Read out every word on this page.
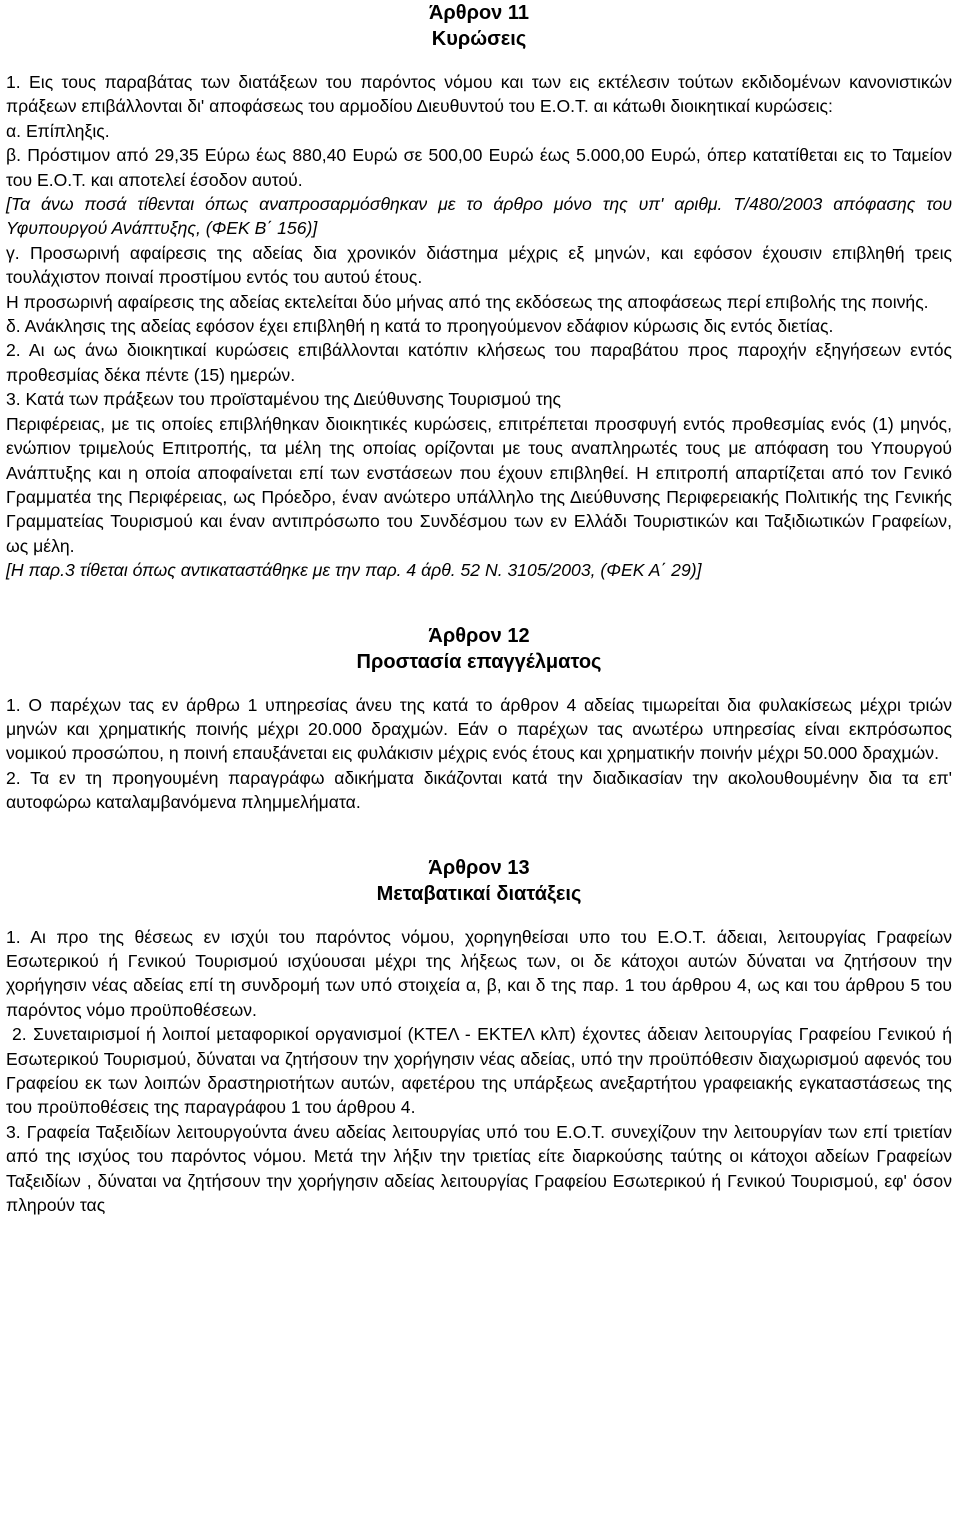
Άρθρον 11
Κυρώσεις

1. Εις τους παραβάτας των διατάξεων του παρόντος νόμου και των εις εκτέλεσιν τούτων εκδιδομένων κανονιστικών πράξεων επιβάλλονται δι' αποφάσεως του αρμοδίου Διευθυντού του Ε.Ο.Τ. αι κάτωθι διοικητικαί κυρώσεις:

α. Επίπληξις.

β. Πρόστιμον από 29,35 Εύρω έως 880,40 Ευρώ σε 500,00 Ευρώ έως 5.000,00 Ευρώ, όπερ κατατίθεται εις το Ταμείον του Ε.Ο.Τ. και αποτελεί έσοδον αυτού.

[Τα άνω ποσά τίθενται όπως αναπροσαρμόσθηκαν με το άρθρο μόνο της υπ' αριθμ. Τ/480/2003 απόφασης του Υφυπουργού Ανάπτυξης, (ΦΕΚ Β΄ 156)]

γ. Προσωρινή αφαίρεσις της αδείας δια χρονικόν διάστημα μέχρις εξ μηνών, και εφόσον έχουσιν επιβληθή τρεις τουλάχιστον ποιναί προστίμου εντός του αυτού έτους.

Η προσωρινή αφαίρεσις της αδείας εκτελείται δύο μήνας από της εκδόσεως της αποφάσεως περί επιβολής της ποινής.

δ. Ανάκλησις της αδείας εφόσον έχει επιβληθή η κατά το προηγούμενον εδάφιον κύρωσις δις εντός διετίας.

2. Αι ως άνω διοικητικαί κυρώσεις επιβάλλονται κατόπιν κλήσεως του παραβάτου προς παροχήν εξηγήσεων εντός προθεσμίας δέκα πέντε (15) ημερών.

3. Κατά των πράξεων του προϊσταμένου της Διεύθυνσης Τουρισμού της

Περιφέρειας, με τις οποίες επιβλήθηκαν διοικητικές κυρώσεις, επιτρέπεται προσφυγή εντός προθεσμίας ενός (1) μηνός, ενώπιον τριμελούς Επιτροπής, τα μέλη της οποίας ορίζονται με τους αναπληρωτές τους με απόφαση του Υπουργού Ανάπτυξης και η οποία αποφαίνεται επί των ενστάσεων που έχουν επιβληθεί. Η επιτροπή απαρτίζεται από τον Γενικό Γραμματέα της Περιφέρειας, ως Πρόεδρο, έναν ανώτερο υπάλληλο της Διεύθυνσης Περιφερειακής Πολιτικής της Γενικής Γραμματείας Τουρισμού και έναν αντιπρόσωπο του Συνδέσμου των εν Ελλάδι Τουριστικών και Ταξιδιωτικών Γραφείων, ως μέλη.

[Η παρ.3 τίθεται όπως αντικαταστάθηκε με την παρ. 4 άρθ. 52 Ν. 3105/2003, (ΦΕΚ Α΄ 29)]

Άρθρον 12
Προστασία επαγγέλματος

1. Ο παρέχων τας εν άρθρω 1 υπηρεσίας άνευ της κατά το άρθρον 4 αδείας τιμωρείται δια φυλακίσεως μέχρι τριών μηνών και χρηματικής ποινής μέχρι 20.000 δραχμών. Εάν ο παρέχων τας ανωτέρω υπηρεσίας είναι εκπρόσωπος νομικού προσώπου, η ποινή επαυξάνεται εις φυλάκισιν μέχρις ενός έτους και χρηματικήν ποινήν μέχρι 50.000 δραχμών.

2. Τα εν τη προηγουμένη παραγράφω αδικήματα δικάζονται κατά την διαδικασίαν την ακολουθουμένην δια τα επ' αυτοφώρω καταλαμβανόμενα πλημμελήματα.

Άρθρον 13
Μεταβατικαί διατάξεις

1. Αι προ της θέσεως εν ισχύι του παρόντος νόμου, χορηγηθείσαι υπο του Ε.Ο.Τ. άδειαι, λειτουργίας Γραφείων Εσωτερικού ή Γενικού Τουρισμού ισχύουσαι μέχρι της λήξεως των, οι δε κάτοχοι αυτών δύναται να ζητήσουν την χορήγησιν νέας αδείας επί τη συνδρομή των υπό στοιχεία α, β, και δ της παρ. 1 του άρθρου 4, ως και του άρθρου 5 του παρόντος νόμο προϋποθέσεων.

2. Συνεταιρισμοί ή λοιποί μεταφορικοί οργανισμοί (ΚΤΕΛ - ΕΚΤΕΛ κλπ) έχοντες άδειαν λειτουργίας Γραφείου Γενικού ή Εσωτερικού Τουρισμού, δύναται να ζητήσουν την χορήγησιν νέας αδείας, υπό την προϋπόθεσιν διαχωρισμού αφενός του Γραφείου εκ των λοιπών δραστηριοτήτων αυτών, αφετέρου της υπάρξεως ανεξαρτήτου γραφειακής εγκαταστάσεως της του προϋποθέσεις της παραγράφου 1 του άρθρου 4.

3. Γραφεία Ταξειδίων λειτουργούντα άνευ αδείας λειτουργίας υπό του Ε.Ο.Τ. συνεχίζουν την λειτουργίαν των επί τριετίαν από της ισχύος του παρόντος νόμου. Μετά την λήξιν την τριετίας είτε διαρκούσης ταύτης οι κάτοχοι αδείων Γραφείων Ταξειδίων , δύναται να ζητήσουν την χορήγησιν αδείας λειτουργίας Γραφείου Εσωτερικού ή Γενικού Τουρισμού, εφ' όσον πληρούν τας
